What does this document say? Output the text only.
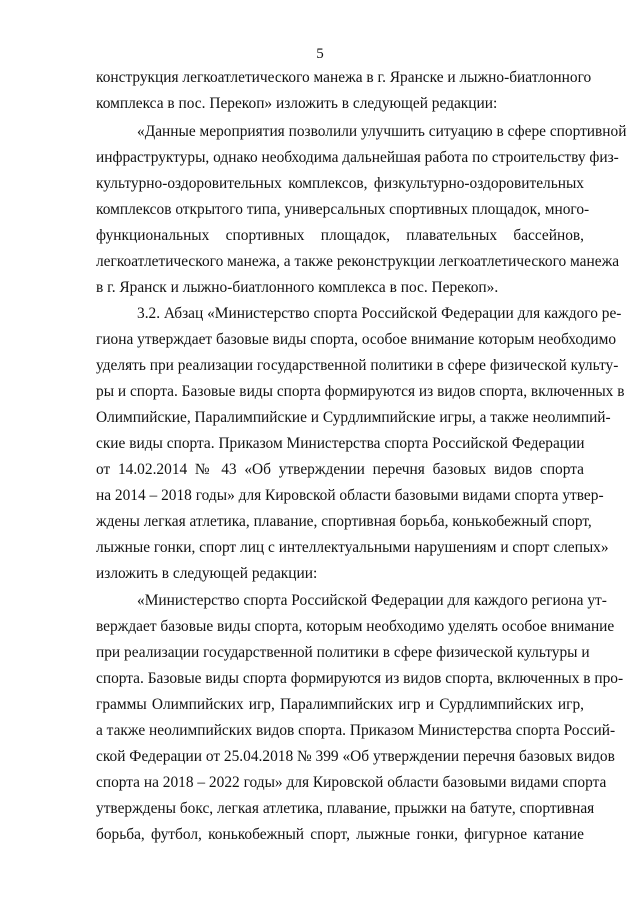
5
конструкция легкоатлетического манежа в г. Яранске и лыжно-биатлонного
комплекса в пос. Перекоп» изложить в следующей редакции:
«Данные мероприятия позволили улучшить ситуацию в сфере спортивной
инфраструктуры, однако необходима дальнейшая работа по строительству физ-
культурно-оздоровительных комплексов, физкультурно-оздоровительных
комплексов открытого типа, универсальных спортивных площадок, много-
функциональных спортивных площадок, плавательных бассейнов,
легкоатлетического манежа, а также реконструкции легкоатлетического манежа
в г. Яранск и лыжно-биатлонного комплекса в пос. Перекоп».
3.2. Абзац «Министерство спорта Российской Федерации для каждого ре-
гиона утверждает базовые виды спорта, особое внимание которым необходимо
уделять при реализации государственной политики в сфере физической культу-
ры и спорта. Базовые виды спорта формируются из видов спорта, включенных в
Олимпийские, Паралимпийские и Сурдлимпийские игры, а также неолимпий-
ские виды спорта. Приказом Министерства спорта Российской Федерации
от 14.02.2014 № 43 «Об утверждении перечня базовых видов спорта
на 2014 – 2018 годы» для Кировской области базовыми видами спорта утвер-
ждены легкая атлетика, плавание, спортивная борьба, конькобежный спорт,
лыжные гонки, спорт лиц с интеллектуальными нарушениям и спорт слепых»
изложить в следующей редакции:
«Министерство спорта Российской Федерации для каждого региона ут-
верждает базовые виды спорта, которым необходимо уделять особое внимание
при реализации государственной политики в сфере физической культуры и
спорта. Базовые виды спорта формируются из видов спорта, включенных в про-
граммы Олимпийских игр, Паралимпийских игр и Сурдлимпийских игр,
а также неолимпийских видов спорта. Приказом Министерства спорта Россий-
ской Федерации от 25.04.2018 № 399 «Об утверждении перечня базовых видов
спорта на 2018 – 2022 годы» для Кировской области базовыми видами спорта
утверждены бокс, легкая атлетика, плавание, прыжки на батуте, спортивная
борьба, футбол, конькобежный спорт, лыжные гонки, фигурное катание
